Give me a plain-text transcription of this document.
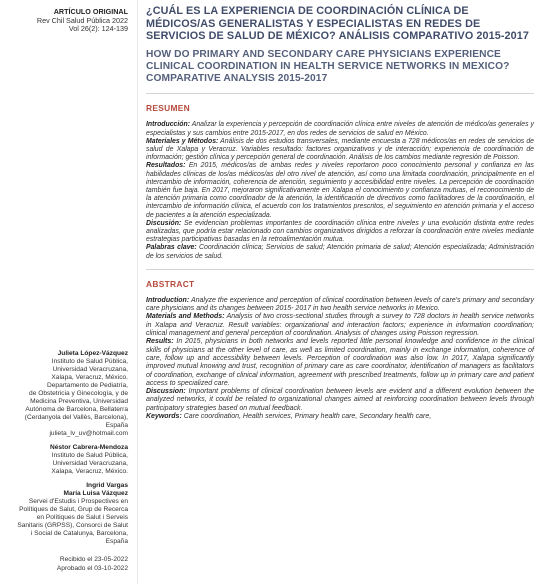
ARTÍCULO ORIGINAL
Rev Chil Salud Pública 2022
Vol 26(2): 124-139
Julieta López-Vázquez
Instituto de Salud Pública,
Universidad Veracruzana,
Xalapa, Veracruz, México.
Departamento de Pediatría,
de Obstetricia y Ginecología, y de
Medicina Preventiva, Universidad
Autónoma de Barcelona, Bellaterra
(Cerdanyola del Vallès, Barcelona),
España
julieta_lv_uv@hotmail.com
Néstor Cabrera-Mendoza
Instituto de Salud Pública,
Universidad Veracruzana,
Xalapa, Veracruz, México.
Ingrid Vargas
María Luisa Vázquez
Servei d'Estudis i Prospectives en
Polítiques de Salut, Grup de Recerca
en Polítiques de Salut i Serveis
Sanitaris (GRPSS), Consorci de Salut
i Social de Catalunya, Barcelona,
España
Recibido el 23-05-2022
Aprobado el 03-10-2022
¿CUÁL ES LA EXPERIENCIA DE COORDINACIÓN CLÍNICA DE MÉDICOS/AS GENERALISTAS Y ESPECIALISTAS EN REDES DE SERVICIOS DE SALUD DE MÉXICO? ANÁLISIS COMPARATIVO 2015-2017
HOW DO PRIMARY AND SECONDARY CARE PHYSICIANS EXPERIENCE CLINICAL COORDINATION IN HEALTH SERVICE NETWORKS IN MEXICO? COMPARATIVE ANALYSIS 2015-2017
RESUMEN

Introducción: Analizar la experiencia y percepción de coordinación clínica entre niveles de atención de médico/as generales y especialistas y sus cambios entre 2015-2017, en dos redes de servicios de salud en México.

Materiales y Métodos: Análisis de dos estudios transversales, mediante encuesta a 728 médicos/as en redes de servicios de salud de Xalapa y Veracruz. Variables resultado: factores organizativos y de interacción; experiencia de coordinación de información; gestión clínica y percepción general de coordinación. Análisis de los cambios mediante regresión de Poisson.

Resultados: En 2015, médicos/as de ambas redes y niveles reportaron poco conocimiento personal y confianza en las habilidades clínicas de los/as médicos/as del otro nivel de atención, así como una limitada coordinación, principalmente en el intercambio de información, coherencia de atención, seguimiento y accesibilidad entre niveles. La percepción de coordinación también fue baja. En 2017, mejoraron significativamente en Xalapa el conocimiento y confianza mutuas, el reconocimiento de la atención primaria como coordinador de la atención, la identificación de directivos como facilitadores de la coordinación, el intercambio de información clínica, el acuerdo con los tratamientos prescritos, el seguimiento en atención primaria y el acceso de pacientes a la atención especializada.

Discusión: Se evidencian problemas importantes de coordinación clínica entre niveles y una evolución distinta entre redes analizadas, que podría estar relacionado con cambios organizativos dirigidos a reforzar la coordinación entre niveles mediante estrategias participativas basadas en la retroalimentación mutua.

Palabras clave: Coordinación clínica; Servicios de salud; Atención primaria de salud; Atención especializada; Administración de los servicios de salud.

ABSTRACT

Introduction: Analyze the experience and perception of clinical coordination between levels of care's primary and secondary care physicians and its changes between 2015- 2017 in two health service networks in Mexico.

Materials and Methods: Analysis of two cross-sectional studies through a survey to 728 doctors in health service networks in Xalapa and Veracruz. Result variables: organizational and interaction factors; experience in information coordination; clinical management and general perception of coordination. Analysis of changes using Poisson regression.

Results: In 2015, physicians in both networks and levels reported little personal knowledge and confidence in the clinical skills of physicians at the other level of care, as well as limited coordination, mainly in exchange information, coherence of care, follow up and accessibility between levels. Perception of coordination was also low. In 2017, Xalapa significantly improved mutual knowing and trust, recognition of primary care as care coordinator, identification of managers as facilitators of coordination, exchange of clinical information, agreement with prescribed treatments, follow up in primary care and patient access to specialized care.

Discussion: Important problems of clinical coordination between levels are evident and a different evolution between the analyzed networks, it could be related to organizational changes aimed at reinforcing coordination between levels through participatory strategies based on mutual feedback.

Keywords: Care coordination, Health services, Primary health care, Secondary health care,
